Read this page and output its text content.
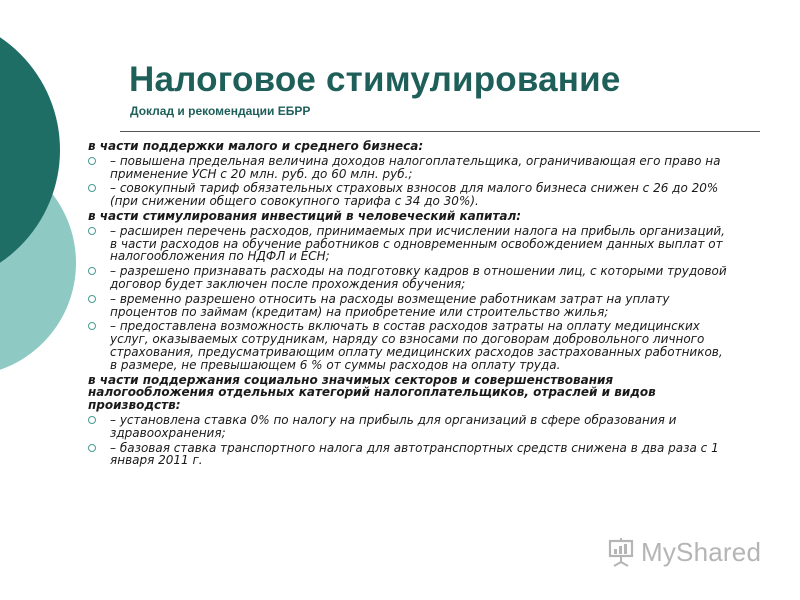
Налоговое стимулирование
Доклад и рекомендации ЕБРР

в части поддержки малого и среднего бизнеса:

– повышена предельная величина доходов налогоплательщика, ограничивающая его право на применение УСН с 20 млн. руб. до 60 млн. руб.;
– совокупный тариф обязательных страховых взносов для малого бизнеса снижен с 26 до 20% (при снижении общего совокупного тарифа с 34 до 30%).

в части стимулирования инвестиций в человеческий капитал:

– расширен перечень расходов, принимаемых при исчислении налога на прибыль организаций, в части расходов на обучение работников с одновременным освобождением данных выплат от налогообложения по НДФЛ и ЕСН;
– разрешено признавать расходы на подготовку кадров в отношении лиц, с которыми трудовой договор будет заключен после прохождения обучения;
– временно разрешено относить на расходы возмещение работникам затрат на уплату процентов по займам (кредитам) на приобретение или строительство жилья;
– предоставлена возможность включать в состав расходов затраты на оплату медицинских услуг, оказываемых сотрудникам, наряду со взносами по договорам добровольного личного страхования, предусматривающим оплату медицинских расходов застрахованных работников, в размере, не превышающем 6 % от суммы расходов на оплату труда.

в части поддержания социально значимых секторов и совершенствования налогообложения отдельных категорий налогоплательщиков, отраслей и видов производств:

– установлена ставка 0% по налогу на прибыль для организаций в сфере образования и здравоохранения;
– базовая ставка транспортного налога для автотранспортных средств снижена в два раза с 1 января 2011 г.
MyShared
